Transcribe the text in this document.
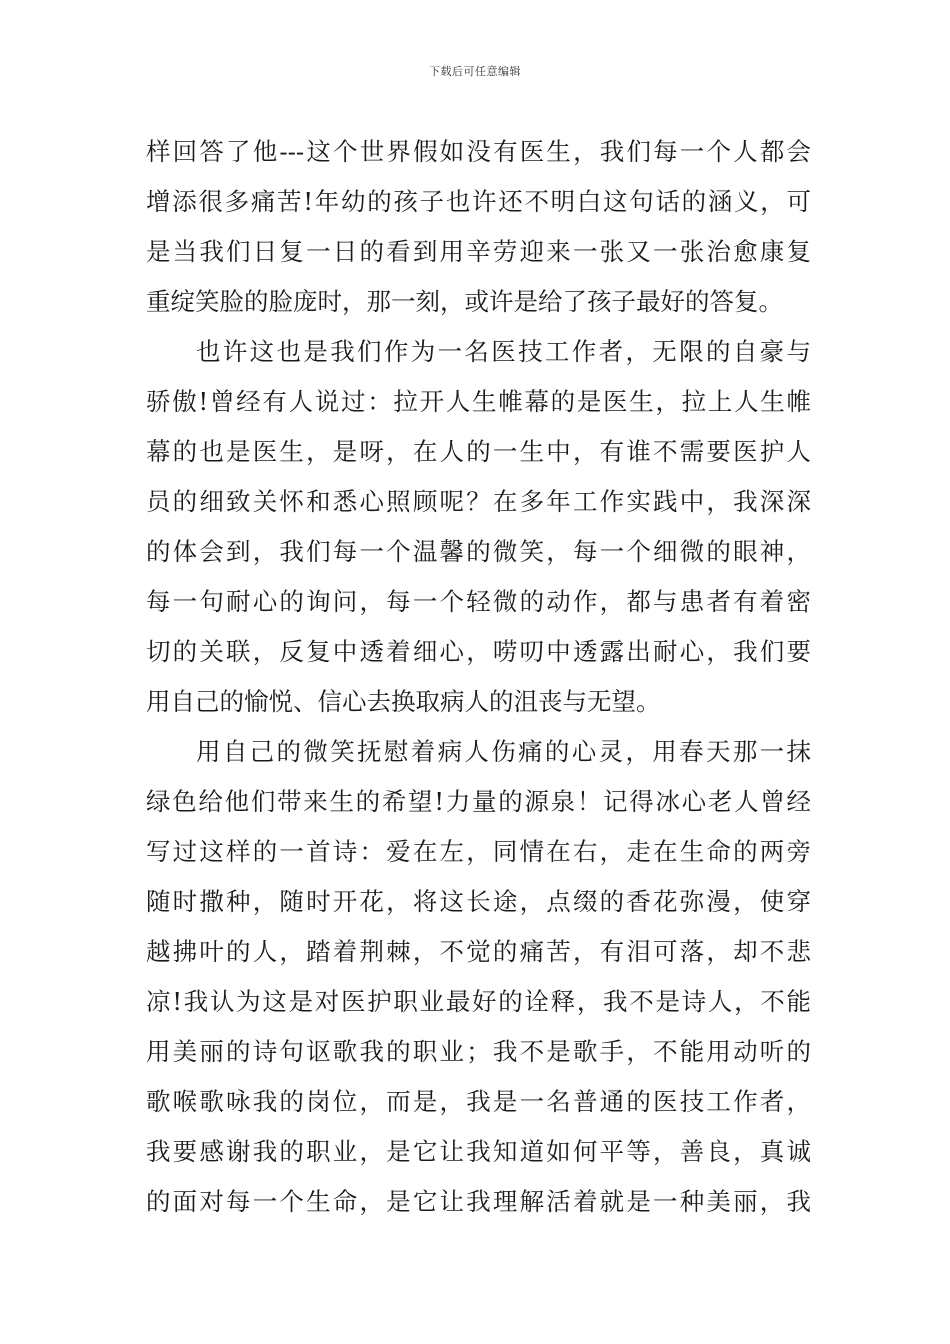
下载后可任意编辑
样回答了他---这个世界假如没有医生，我们每一个人都会
增添很多痛苦!年幼的孩子也许还不明白这句话的涵义，可
是当我们日复一日的看到用辛劳迎来一张又一张治愈康复
重绽笑脸的脸庞时，那一刻，或许是给了孩子最好的答复。
也许这也是我们作为一名医技工作者，无限的自豪与
骄傲!曾经有人说过：拉开人生帷幕的是医生，拉上人生帷
幕的也是医生，是呀，在人的一生中，有谁不需要医护人
员的细致关怀和悉心照顾呢？在多年工作实践中，我深深
的体会到，我们每一个温馨的微笑，每一个细微的眼神，
每一句耐心的询问，每一个轻微的动作，都与患者有着密
切的关联，反复中透着细心，唠叨中透露出耐心，我们要
用自己的愉悦、信心去换取病人的沮丧与无望。
用自己的微笑抚慰着病人伤痛的心灵，用春天那一抹
绿色给他们带来生的希望!力量的源泉！记得冰心老人曾经
写过这样的一首诗：爱在左，同情在右，走在生命的两旁
随时撒种，随时开花，将这长途，点缀的香花弥漫，使穿
越拂叶的人，踏着荆棘，不觉的痛苦，有泪可落，却不悲
凉!我认为这是对医护职业最好的诠释，我不是诗人，不能
用美丽的诗句讴歌我的职业；我不是歌手，不能用动听的
歌喉歌咏我的岗位，而是，我是一名普通的医技工作者，
我要感谢我的职业，是它让我知道如何平等，善良，真诚
的面对每一个生命，是它让我理解活着就是一种美丽，我
